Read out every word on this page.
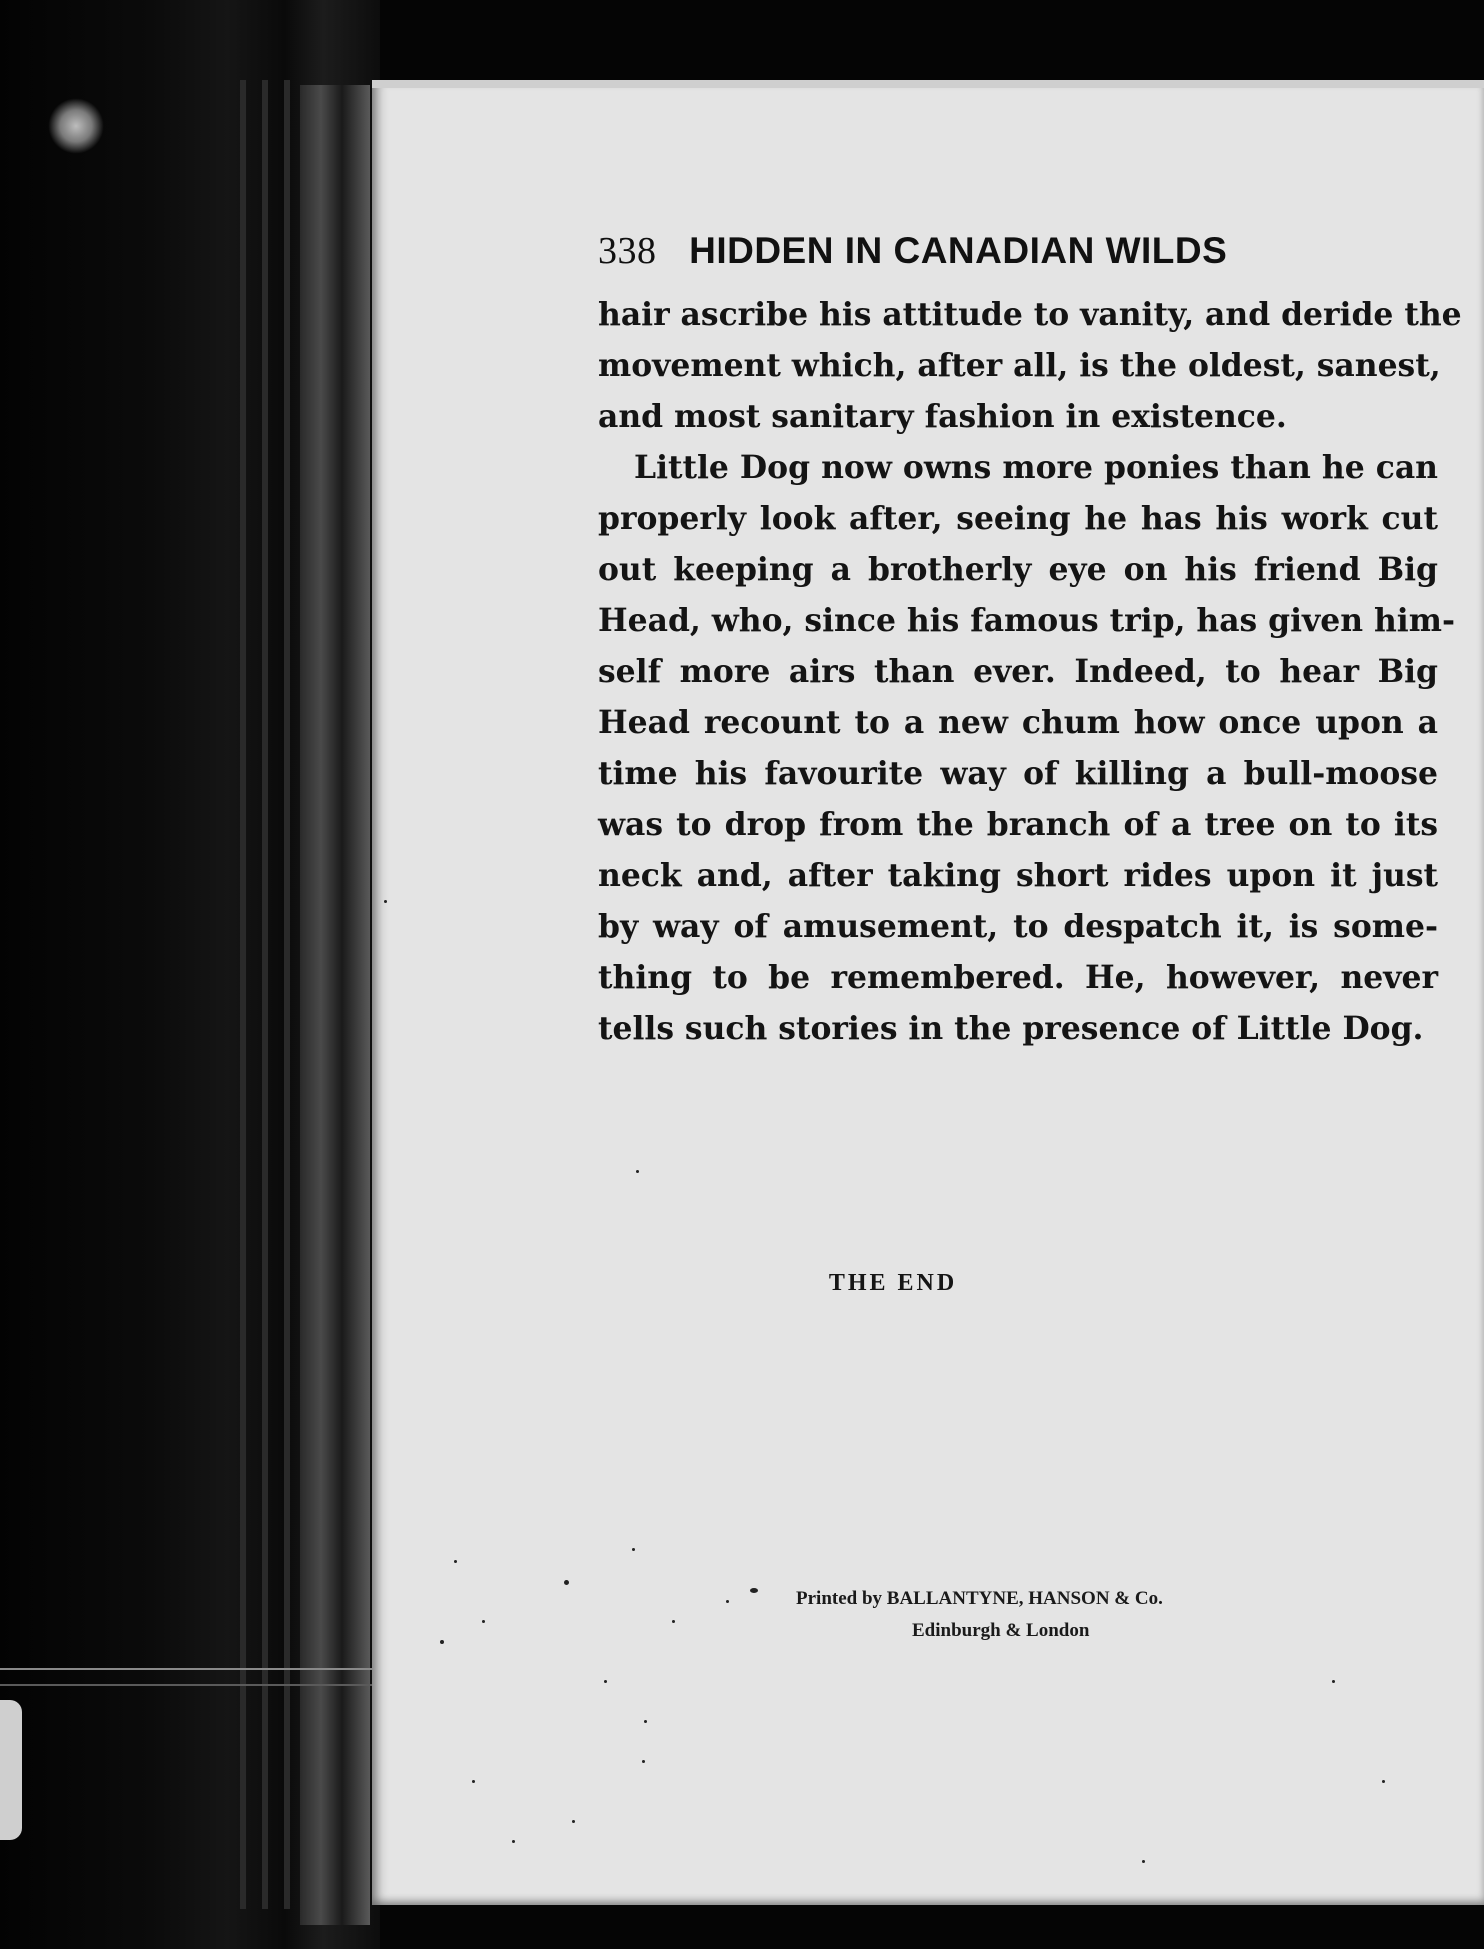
338 HIDDEN IN CANADIAN WILDS
hair ascribe his attitude to vanity, and deride the
movement which, after all, is the oldest, sanest,
and most sanitary fashion in existence.
Little Dog now owns more ponies than he can
properly look after, seeing he has his work cut
out keeping a brotherly eye on his friend Big
Head, who, since his famous trip, has given him-
self more airs than ever. Indeed, to hear Big
Head recount to a new chum how once upon a
time his favourite way of killing a bull-moose
was to drop from the branch of a tree on to its
neck and, after taking short rides upon it just
by way of amusement, to despatch it, is some-
thing to be remembered. He, however, never
tells such stories in the presence of Little Dog.
THE END
Printed by BALLANTYNE, HANSON & Co.
Edinburgh & London
